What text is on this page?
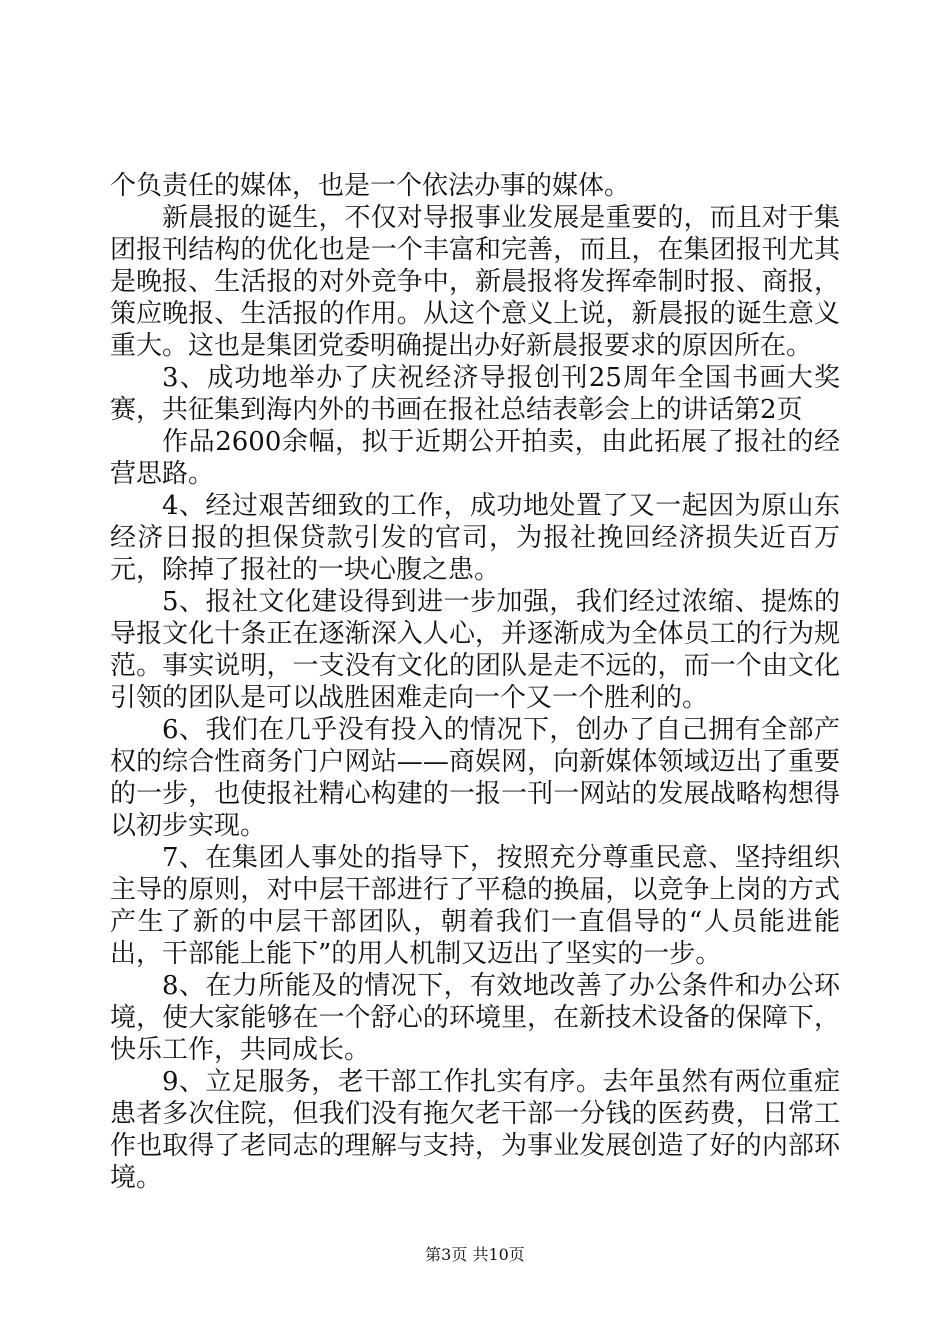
个负责任的媒体，也是一个依法办事的媒体。

新晨报的诞生，不仅对导报事业发展是重要的，而且对于集团报刊结构的优化也是一个丰富和完善，而且，在集团报刊尤其是晚报、生活报的对外竞争中，新晨报将发挥牵制时报、商报，策应晚报、生活报的作用。从这个意义上说，新晨报的诞生意义重大。这也是集团党委明确提出办好新晨报要求的原因所在。

3、成功地举办了庆祝经济导报创刊25周年全国书画大奖赛，共征集到海内外的书画在报社总结表彰会上的讲话第2页

作品2600余幅，拟于近期公开拍卖，由此拓展了报社的经营思路。

4、经过艰苦细致的工作，成功地处置了又一起因为原山东经济日报的担保贷款引发的官司，为报社挽回经济损失近百万元，除掉了报社的一块心腹之患。

5、报社文化建设得到进一步加强，我们经过浓缩、提炼的导报文化十条正在逐渐深入人心，并逐渐成为全体员工的行为规范。事实说明，一支没有文化的团队是走不远的，而一个由文化引领的团队是可以战胜困难走向一个又一个胜利的。

6、我们在几乎没有投入的情况下，创办了自己拥有全部产权的综合性商务门户网站——商娱网，向新媒体领域迈出了重要的一步，也使报社精心构建的一报一刊一网站的发展战略构想得以初步实现。

7、在集团人事处的指导下，按照充分尊重民意、坚持组织主导的原则，对中层干部进行了平稳的换届，以竞争上岗的方式产生了新的中层干部团队，朝着我们一直倡导的“人员能进能出，干部能上能下”的用人机制又迈出了坚实的一步。

8、在力所能及的情况下，有效地改善了办公条件和办公环境，使大家能够在一个舒心的环境里，在新技术设备的保障下，快乐工作，共同成长。

9、立足服务，老干部工作扎实有序。去年虽然有两位重症患者多次住院，但我们没有拖欠老干部一分钱的医药费，日常工作也取得了老同志的理解与支持，为事业发展创造了好的内部环境。

第3页 共10页
